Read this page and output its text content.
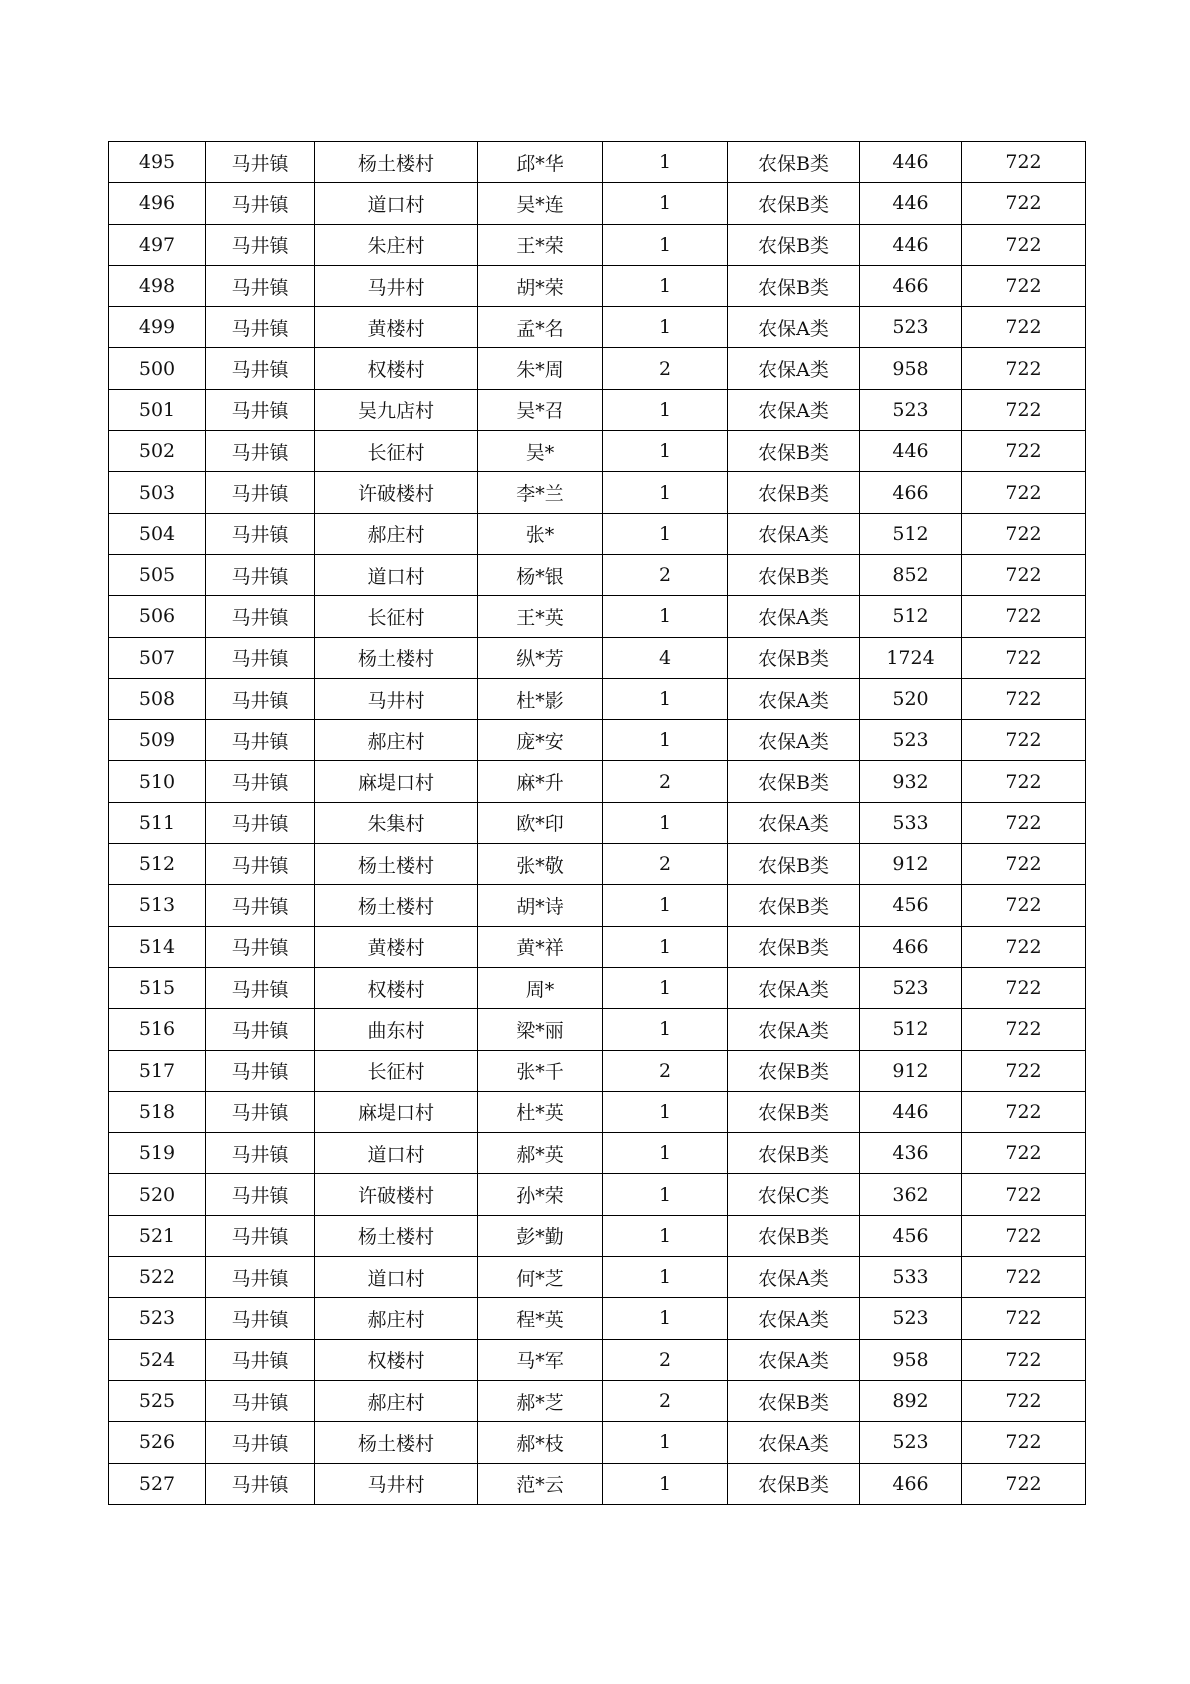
495	马井镇	杨土楼村	邱*华	1	农保B类	446	722
496	马井镇	道口村	吴*连	1	农保B类	446	722
497	马井镇	朱庄村	王*荣	1	农保B类	446	722
498	马井镇	马井村	胡*荣	1	农保B类	466	722
499	马井镇	黄楼村	孟*名	1	农保A类	523	722
500	马井镇	权楼村	朱*周	2	农保A类	958	722
501	马井镇	吴九店村	吴*召	1	农保A类	523	722
502	马井镇	长征村	吴*	1	农保B类	446	722
503	马井镇	许破楼村	李*兰	1	农保B类	466	722
504	马井镇	郝庄村	张*	1	农保A类	512	722
505	马井镇	道口村	杨*银	2	农保B类	852	722
506	马井镇	长征村	王*英	1	农保A类	512	722
507	马井镇	杨土楼村	纵*芳	4	农保B类	1724	722
508	马井镇	马井村	杜*影	1	农保A类	520	722
509	马井镇	郝庄村	庞*安	1	农保A类	523	722
510	马井镇	麻堤口村	麻*升	2	农保B类	932	722
511	马井镇	朱集村	欧*印	1	农保A类	533	722
512	马井镇	杨土楼村	张*敬	2	农保B类	912	722
513	马井镇	杨土楼村	胡*诗	1	农保B类	456	722
514	马井镇	黄楼村	黄*祥	1	农保B类	466	722
515	马井镇	权楼村	周*	1	农保A类	523	722
516	马井镇	曲东村	梁*丽	1	农保A类	512	722
517	马井镇	长征村	张*千	2	农保B类	912	722
518	马井镇	麻堤口村	杜*英	1	农保B类	446	722
519	马井镇	道口村	郝*英	1	农保B类	436	722
520	马井镇	许破楼村	孙*荣	1	农保C类	362	722
521	马井镇	杨土楼村	彭*勤	1	农保B类	456	722
522	马井镇	道口村	何*芝	1	农保A类	533	722
523	马井镇	郝庄村	程*英	1	农保A类	523	722
524	马井镇	权楼村	马*军	2	农保A类	958	722
525	马井镇	郝庄村	郝*芝	2	农保B类	892	722
526	马井镇	杨土楼村	郝*枝	1	农保A类	523	722
527	马井镇	马井村	范*云	1	农保B类	466	722
